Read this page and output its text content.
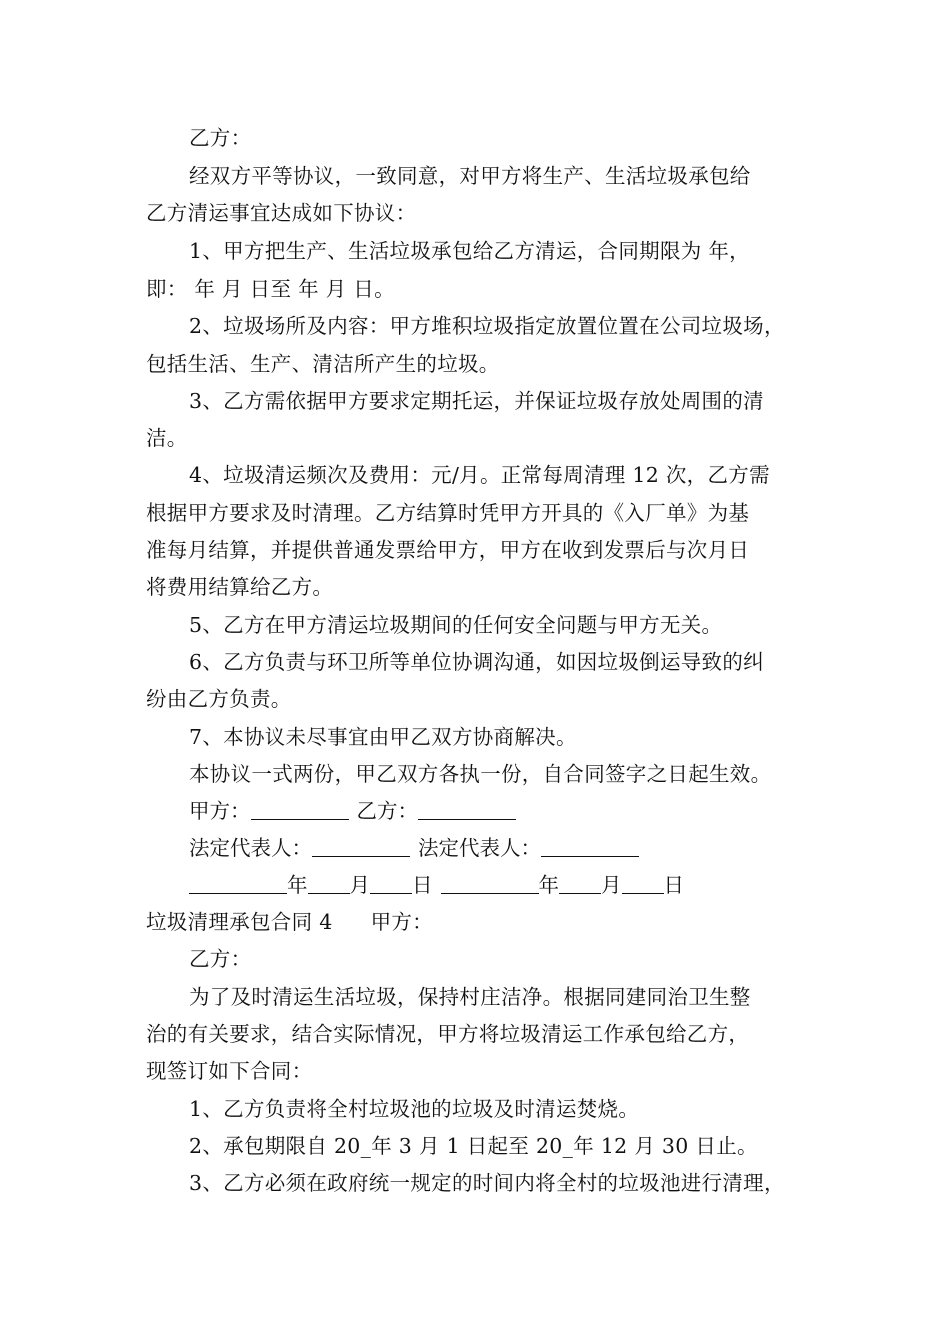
乙方：
经双方平等协议，一致同意，对甲方将生产、生活垃圾承包给
乙方清运事宜达成如下协议：
1、甲方把生产、生活垃圾承包给乙方清运，合同期限为 年，
即： 年 月 日至 年 月 日。
2、垃圾场所及内容：甲方堆积垃圾指定放置位置在公司垃圾场，
包括生活、生产、清洁所产生的垃圾。
3、乙方需依据甲方要求定期托运，并保证垃圾存放处周围的清
洁。
4、垃圾清运频次及费用：元/月。正常每周清理 12 次，乙方需
根据甲方要求及时清理。乙方结算时凭甲方开具的《入厂单》为基
准每月结算，并提供普通发票给甲方，甲方在收到发票后与次月日
将费用结算给乙方。
5、乙方在甲方清运垃圾期间的任何安全问题与甲方无关。
6、乙方负责与环卫所等单位协调沟通，如因垃圾倒运导致的纠
纷由乙方负责。
7、本协议未尽事宜由甲乙双方协商解决。
本协议一式两份，甲乙双方各执一份，自合同签字之日起生效。
甲方：	乙方：
法定代表人：	法定代表人：
年 月 日	年 月 日
垃圾清理承包合同 4 甲方：
乙方：
为了及时清运生活垃圾，保持村庄洁净。根据同建同治卫生整
治的有关要求，结合实际情况，甲方将垃圾清运工作承包给乙方，
现签订如下合同：
1、乙方负责将全村垃圾池的垃圾及时清运焚烧。
2、承包期限自 20_年 3 月 1 日起至 20_年 12 月 30 日止。
3、乙方必须在政府统一规定的时间内将全村的垃圾池进行清理，
